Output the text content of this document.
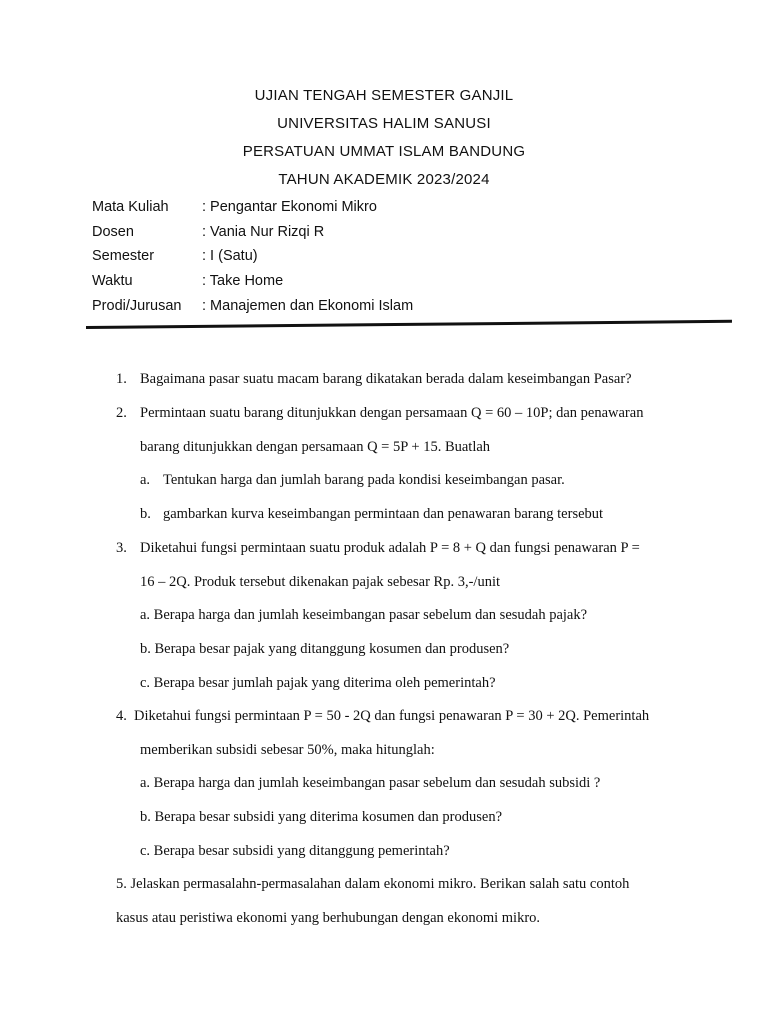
UJIAN TENGAH SEMESTER GANJIL
UNIVERSITAS HALIM SANUSI
PERSATUAN UMMAT ISLAM BANDUNG
TAHUN AKADEMIK 2023/2024
Mata Kuliah : Pengantar Ekonomi Mikro
Dosen	: Vania Nur Rizqi R
Semester	: I (Satu)
Waktu	: Take Home
Prodi/Jurusan : Manajemen dan Ekonomi Islam
1. Bagaimana pasar suatu macam barang dikatakan berada dalam keseimbangan Pasar?
2. Permintaan suatu barang ditunjukkan dengan persamaan Q = 60 – 10P; dan penawaran
barang ditunjukkan dengan persamaan Q = 5P + 15. Buatlah
a. Tentukan harga dan jumlah barang pada kondisi keseimbangan pasar.
b. gambarkan kurva keseimbangan permintaan dan penawaran barang tersebut
3. Diketahui fungsi permintaan suatu produk adalah P = 8 + Q dan fungsi penawaran P =
16 – 2Q. Produk tersebut dikenakan pajak sebesar Rp. 3,-/unit
a. Berapa harga dan jumlah keseimbangan pasar sebelum dan sesudah pajak?
b. Berapa besar pajak yang ditanggung kosumen dan produsen?
c. Berapa besar jumlah pajak yang diterima oleh pemerintah?
4. Diketahui fungsi permintaan P = 50 - 2Q dan fungsi penawaran P = 30 + 2Q. Pemerintah
memberikan subsidi sebesar 50%, maka hitunglah:
a. Berapa harga dan jumlah keseimbangan pasar sebelum dan sesudah subsidi ?
b. Berapa besar subsidi yang diterima kosumen dan produsen?
c. Berapa besar subsidi yang ditanggung pemerintah?
5. Jelaskan permasalahn-permasalahan dalam ekonomi mikro. Berikan salah satu contoh
kasus atau peristiwa ekonomi yang berhubungan dengan ekonomi mikro.
